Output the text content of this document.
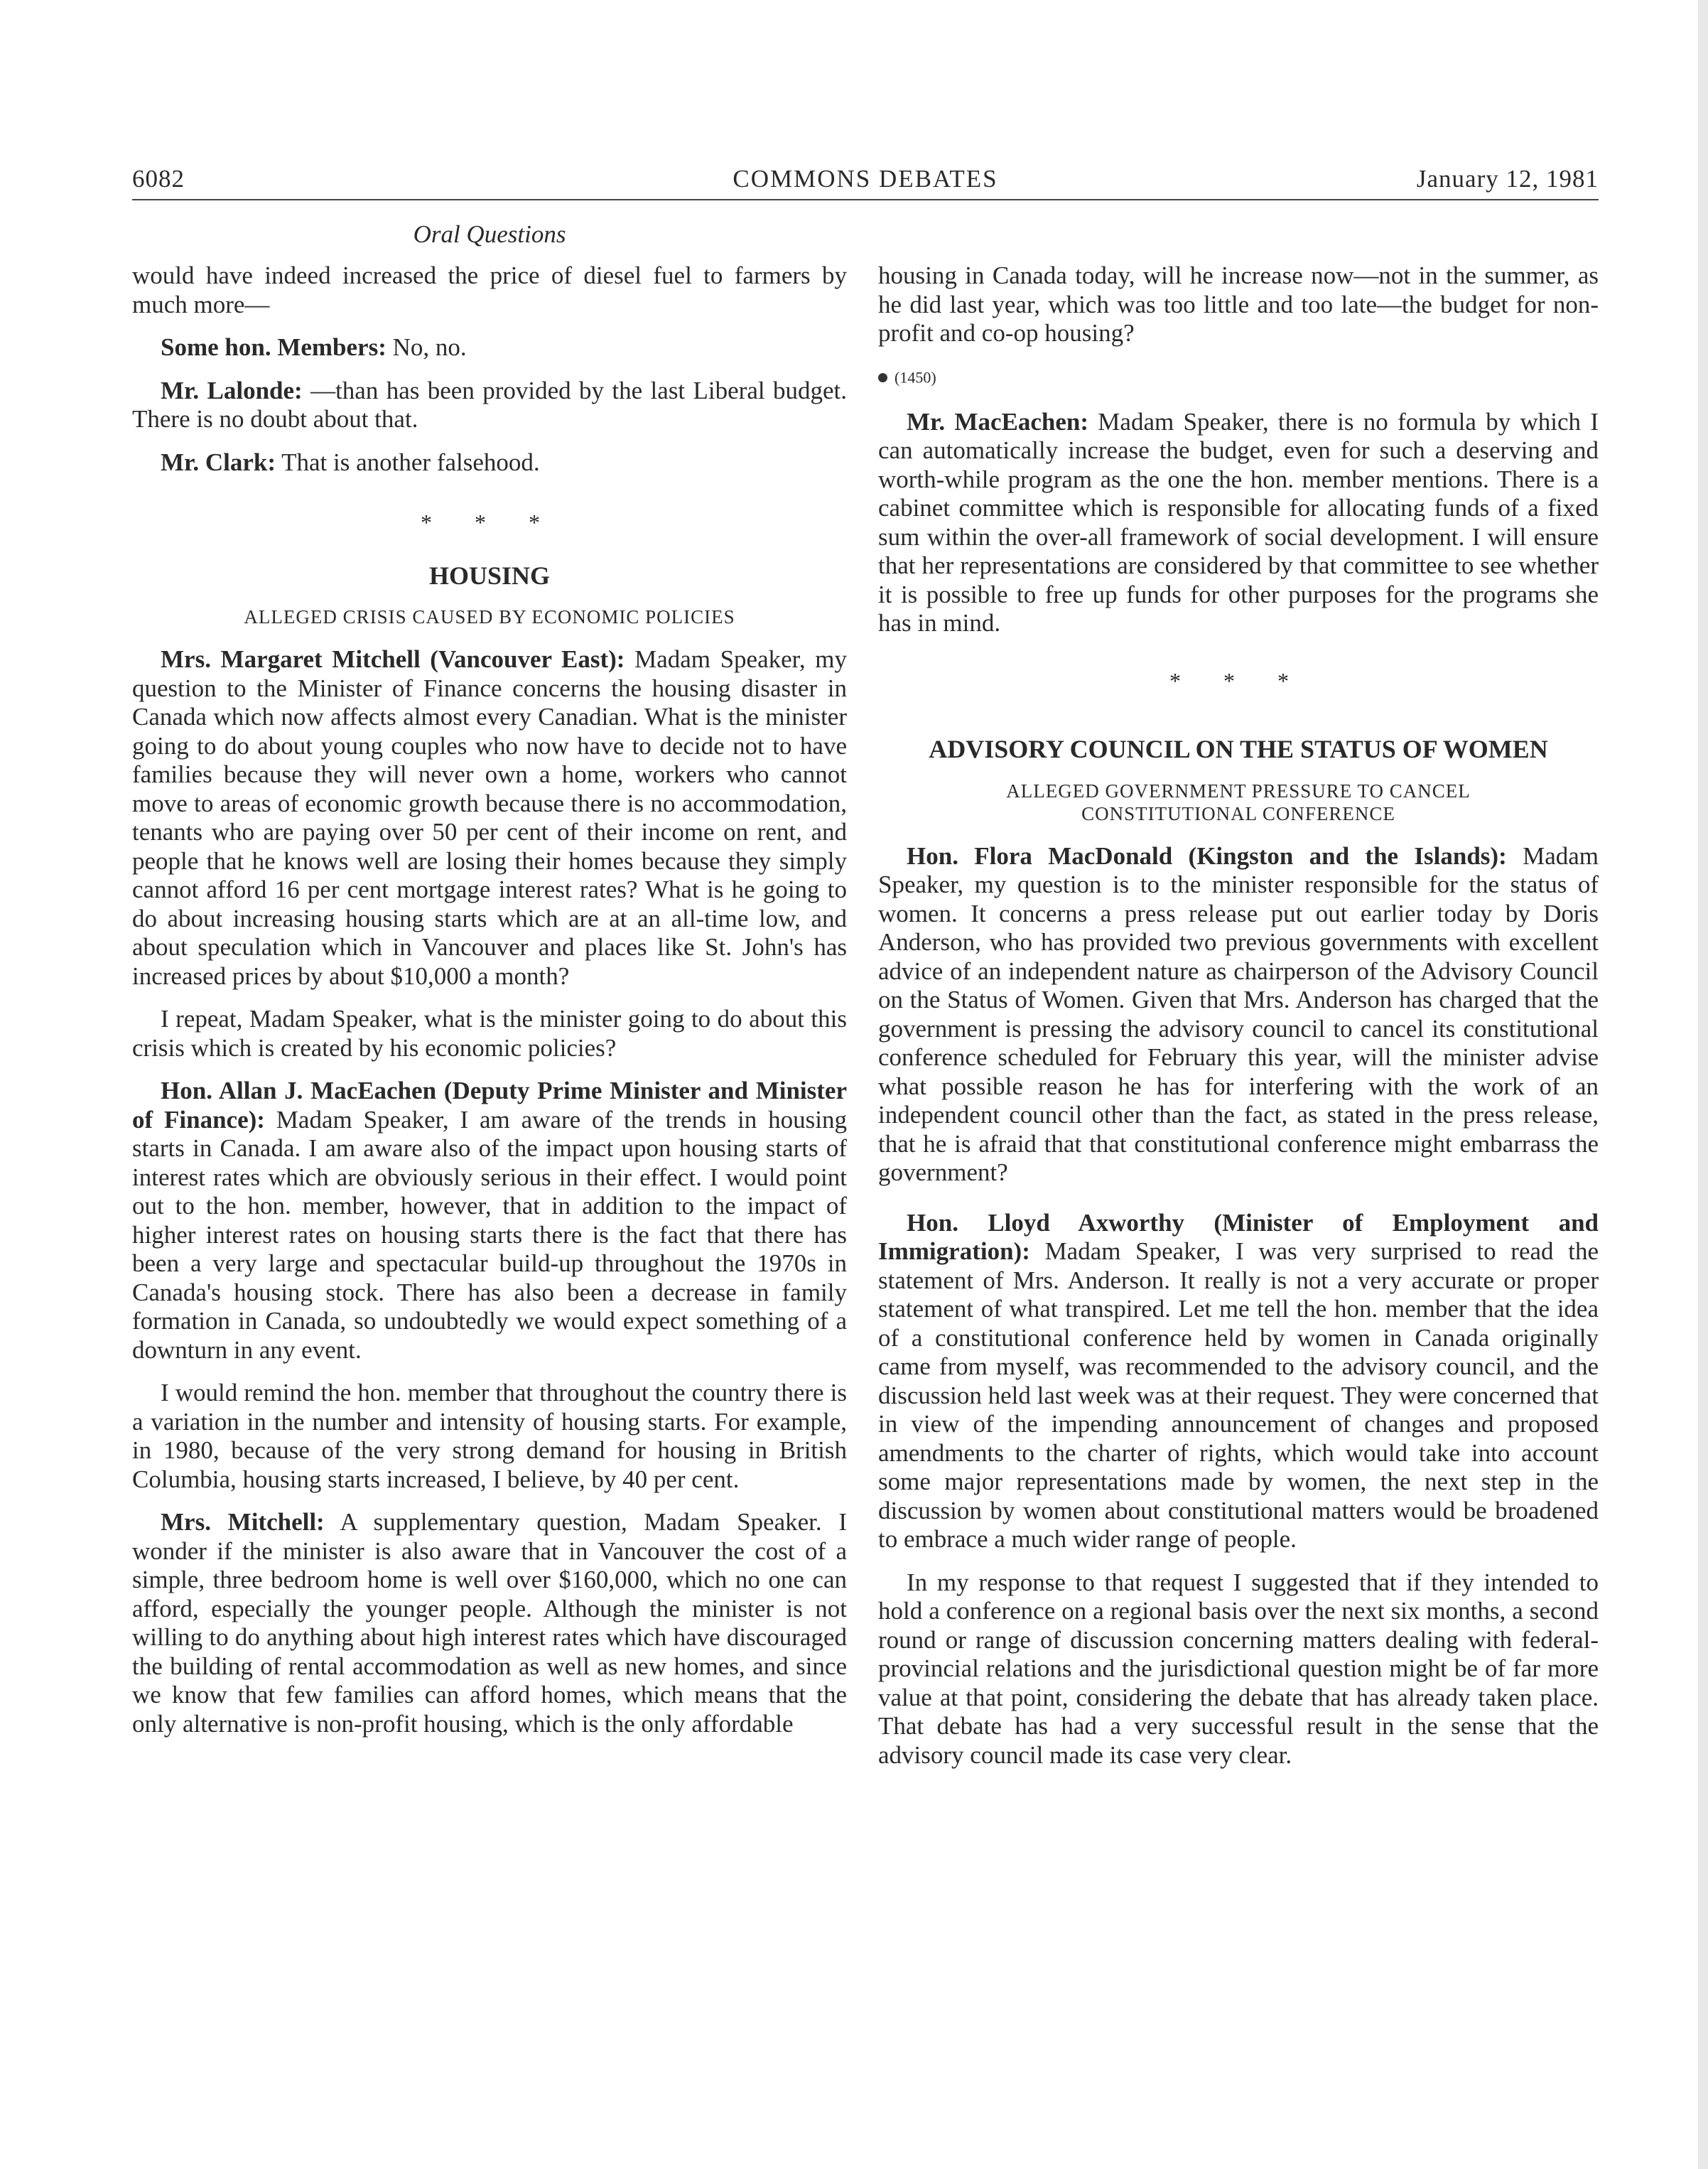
6082	COMMONS DEBATES	January 12, 1981
Oral Questions

would have indeed increased the price of diesel fuel to farmers by much more—

Some hon. Members: No, no.

Mr. Lalonde: —than has been provided by the last Liberal budget. There is no doubt about that.

Mr. Clark: That is another falsehood.

* * *
HOUSING
ALLEGED CRISIS CAUSED BY ECONOMIC POLICIES

Mrs. Margaret Mitchell (Vancouver East): Madam Speaker, my question to the Minister of Finance concerns the housing disaster in Canada which now affects almost every Canadian. What is the minister going to do about young couples who now have to decide not to have families because they will never own a home, workers who cannot move to areas of economic growth because there is no accommodation, tenants who are paying over 50 per cent of their income on rent, and people that he knows well are losing their homes because they simply cannot afford 16 per cent mortgage interest rates? What is he going to do about increasing housing starts which are at an all-time low, and about speculation which in Vancouver and places like St. John's has increased prices by about $10,000 a month?

I repeat, Madam Speaker, what is the minister going to do about this crisis which is created by his economic policies?

Hon. Allan J. MacEachen (Deputy Prime Minister and Minister of Finance): Madam Speaker, I am aware of the trends in housing starts in Canada. I am aware also of the impact upon housing starts of interest rates which are obviously serious in their effect. I would point out to the hon. member, however, that in addition to the impact of higher interest rates on housing starts there is the fact that there has been a very large and spectacular build-up throughout the 1970s in Canada's housing stock. There has also been a decrease in family formation in Canada, so undoubtedly we would expect something of a downturn in any event.

I would remind the hon. member that throughout the country there is a variation in the number and intensity of housing starts. For example, in 1980, because of the very strong demand for housing in British Columbia, housing starts increased, I believe, by 40 per cent.

Mrs. Mitchell: A supplementary question, Madam Speaker. I wonder if the minister is also aware that in Vancouver the cost of a simple, three bedroom home is well over $160,000, which no one can afford, especially the younger people. Although the minister is not willing to do anything about high interest rates which have discouraged the building of rental accommodation as well as new homes, and since we know that few families can afford homes, which means that the only alternative is non-profit housing, which is the only affordable

housing in Canada today, will he increase now—not in the summer, as he did last year, which was too little and too late—the budget for non-profit and co-op housing?

(1450)

Mr. MacEachen: Madam Speaker, there is no formula by which I can automatically increase the budget, even for such a deserving and worth-while program as the one the hon. member mentions. There is a cabinet committee which is responsible for allocating funds of a fixed sum within the over-all framework of social development. I will ensure that her representations are considered by that committee to see whether it is possible to free up funds for other purposes for the programs she has in mind.

* * *
ADVISORY COUNCIL ON THE STATUS OF WOMEN
ALLEGED GOVERNMENT PRESSURE TO CANCEL
CONSTITUTIONAL CONFERENCE

Hon. Flora MacDonald (Kingston and the Islands): Madam Speaker, my question is to the minister responsible for the status of women. It concerns a press release put out earlier today by Doris Anderson, who has provided two previous governments with excellent advice of an independent nature as chairperson of the Advisory Council on the Status of Women. Given that Mrs. Anderson has charged that the government is pressing the advisory council to cancel its constitutional conference scheduled for February this year, will the minister advise what possible reason he has for interfering with the work of an independent council other than the fact, as stated in the press release, that he is afraid that that constitutional conference might embarrass the government?

Hon. Lloyd Axworthy (Minister of Employment and Immigration): Madam Speaker, I was very surprised to read the statement of Mrs. Anderson. It really is not a very accurate or proper statement of what transpired. Let me tell the hon. member that the idea of a constitutional conference held by women in Canada originally came from myself, was recommended to the advisory council, and the discussion held last week was at their request. They were concerned that in view of the impending announcement of changes and proposed amendments to the charter of rights, which would take into account some major representations made by women, the next step in the discussion by women about constitutional matters would be broadened to embrace a much wider range of people.

In my response to that request I suggested that if they intended to hold a conference on a regional basis over the next six months, a second round or range of discussion concerning matters dealing with federal-provincial relations and the jurisdictional question might be of far more value at that point, considering the debate that has already taken place. That debate has had a very successful result in the sense that the advisory council made its case very clear.
